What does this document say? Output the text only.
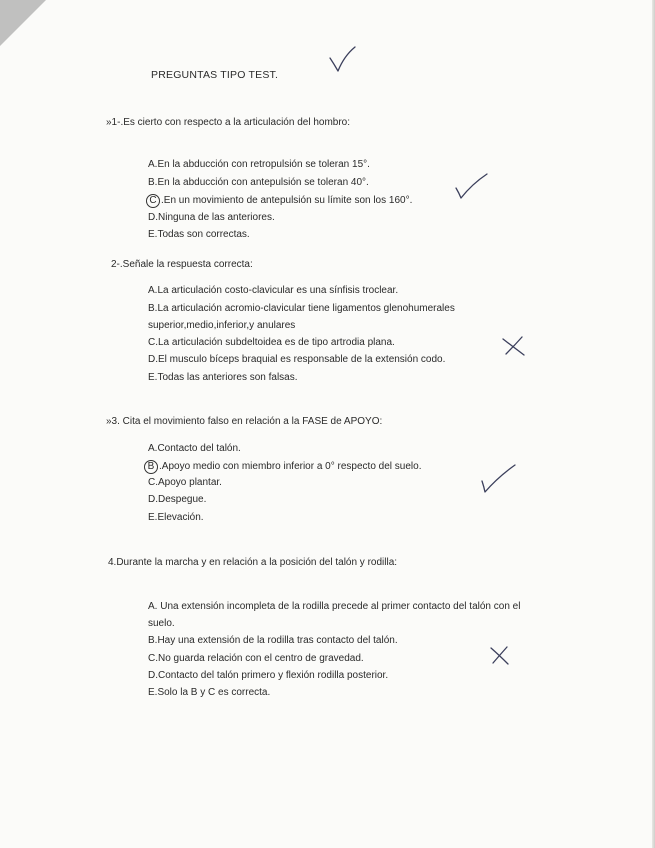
PREGUNTAS TIPO TEST.
»1-.Es cierto con respecto a la articulación del hombro:
A.En la abducción con retropulsión se toleran 15°.
B.En la abducción con antepulsión se toleran 40°.
C .En un movimiento de antepulsión su límite son los 160°.
D.Ninguna de las anteriores.
E.Todas son correctas.
2-.Señale la respuesta correcta:
A.La articulación costo-clavicular es una sínfisis troclear.
B.La articulación acromio-clavicular tiene ligamentos glenohumerales
superior,medio,inferior,y anulares
C.La articulación subdeltoidea es de tipo artrodia plana.
D.El musculo bíceps braquial es responsable de la extensión codo.
E.Todas las anteriores son falsas.
»3. Cita el movimiento falso en relación a la FASE de APOYO:
A.Contacto del talón.
B .Apoyo medio con miembro inferior a 0° respecto del suelo.
C.Apoyo plantar.
D.Despegue.
E.Elevación.
4.Durante la marcha y en relación a la posición del talón y rodilla:
A. Una extensión incompleta de la rodilla precede al primer contacto del talón con el
suelo.
B.Hay una extensión de la rodilla tras contacto del talón.
C.No guarda relación con el centro de gravedad.
D.Contacto del talón primero y flexión rodilla posterior.
E.Solo la B y C es correcta.
